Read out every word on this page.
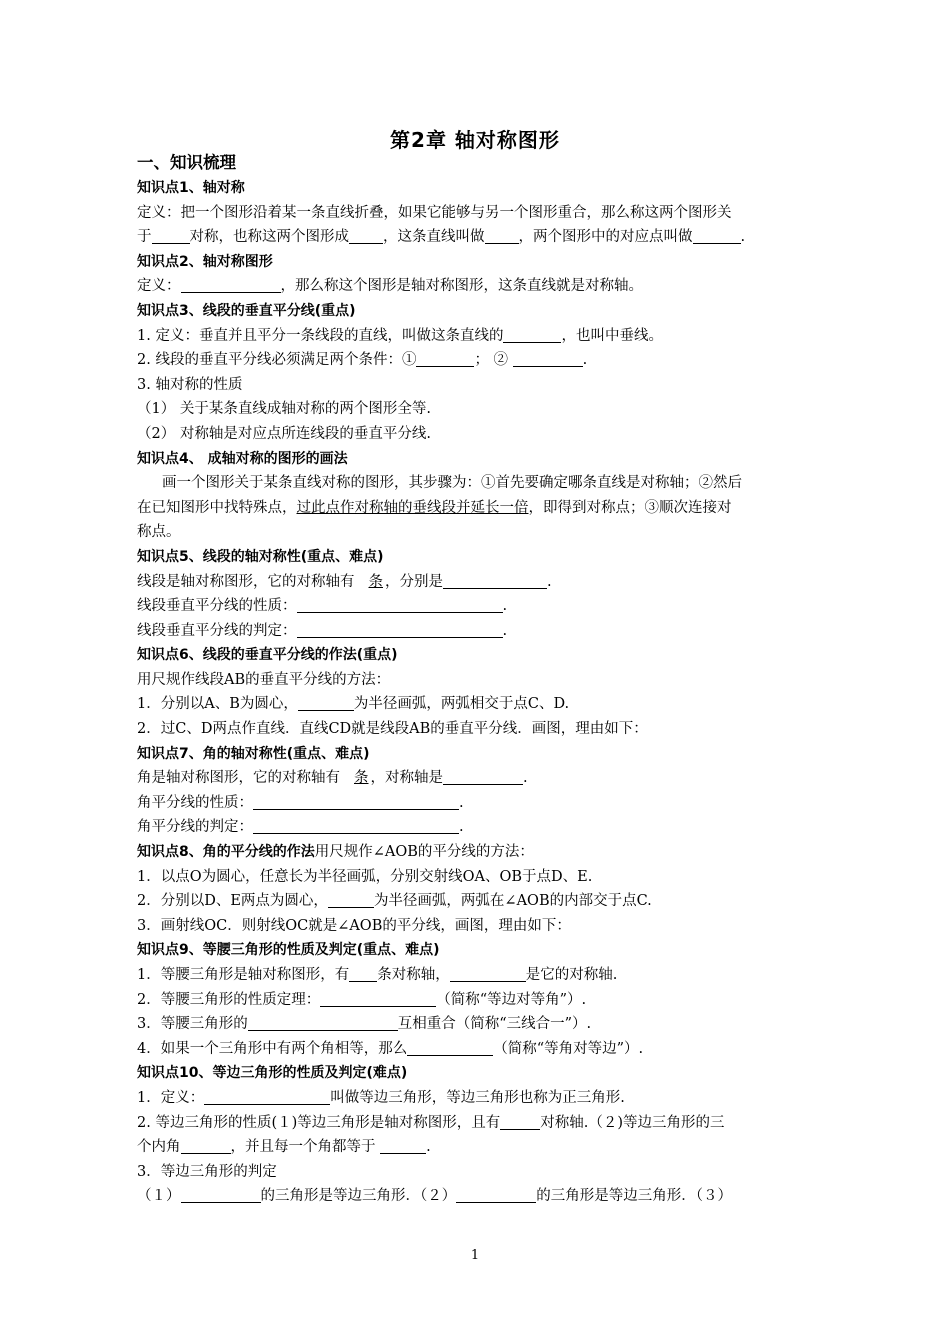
第2章 轴对称图形
一、知识梳理
知识点1、轴对称
定义：把一个图形沿着某一条直线折叠，如果它能够与另一个图形重合，那么称这两个图形关
于	对称，也称这两个图形成 ，这条直线叫做 ，两个图形中的对应点叫做	.
知识点2、轴对称图形
定义：	，那么称这个图形是轴对称图形，这条直线就是对称轴。
知识点3、线段的垂直平分线(重点)
1. 定义：垂直并且平分一条线段的直线，叫做这条直线的	，也叫中垂线。
2. 线段的垂直平分线必须满足两个条件：①	； ②	.
3. 轴对称的性质
（1） 关于某条直线成轴对称的两个图形全等.
（2） 对称轴是对应点所连线段的垂直平分线.
知识点4、 成轴对称的图形的画法
画一个图形关于某条直线对称的图形，其步骤为：①首先要确定哪条直线是对称轴；②然后
在已知图形中找特殊点，过此点作对称轴的垂线段并延长一倍，即得到对称点；③顺次连接对
称点。
知识点5、线段的轴对称性(重点、难点)
线段是轴对称图形，它的对称轴有 条 ，分别是	.
线段垂直平分线的性质：	.
线段垂直平分线的判定：	.
知识点6、线段的垂直平分线的作法(重点)
用尺规作线段AB的垂直平分线的方法：
1．分别以A、B为圆心，	为半径画弧，两弧相交于点C、D.
2．过C、D两点作直线．直线CD就是线段AB的垂直平分线．画图，理由如下：
知识点7、角的轴对称性(重点、难点)
角是轴对称图形，它的对称轴有 条 ，对称轴是	.
角平分线的性质：	.
角平分线的判定：	.
知识点8、角的平分线的作法用尺规作∠AOB的平分线的方法：
1．以点O为圆心，任意长为半径画弧，分别交射线OA、OB于点D、E.
2．分别以D、E两点为圆心，	为半径画弧，两弧在∠AOB的内部交于点C.
3．画射线OC．则射线OC就是∠AOB的平分线，画图，理由如下：
知识点9、等腰三角形的性质及判定(重点、难点)
1．等腰三角形是轴对称图形，有 条对称轴，	是它的对称轴.
2．等腰三角形的性质定理：	（简称“等边对等角”）.
3．等腰三角形的	互相重合（简称“三线合一”）.
4．如果一个三角形中有两个角相等，那么	（简称“等角对等边”）.
知识点10、等边三角形的性质及判定(难点)
1．定义：	叫做等边三角形，等边三角形也称为正三角形.
2. 等边三角形的性质(１)等边三角形是轴对称图形，且有	对称轴.（２)等边三角形的三
个内角	，并且每一个角都等于	.
3．等边三角形的判定
（１）	的三角形是等边三角形．（２）	的三角形是等边三角形．（３）
1
